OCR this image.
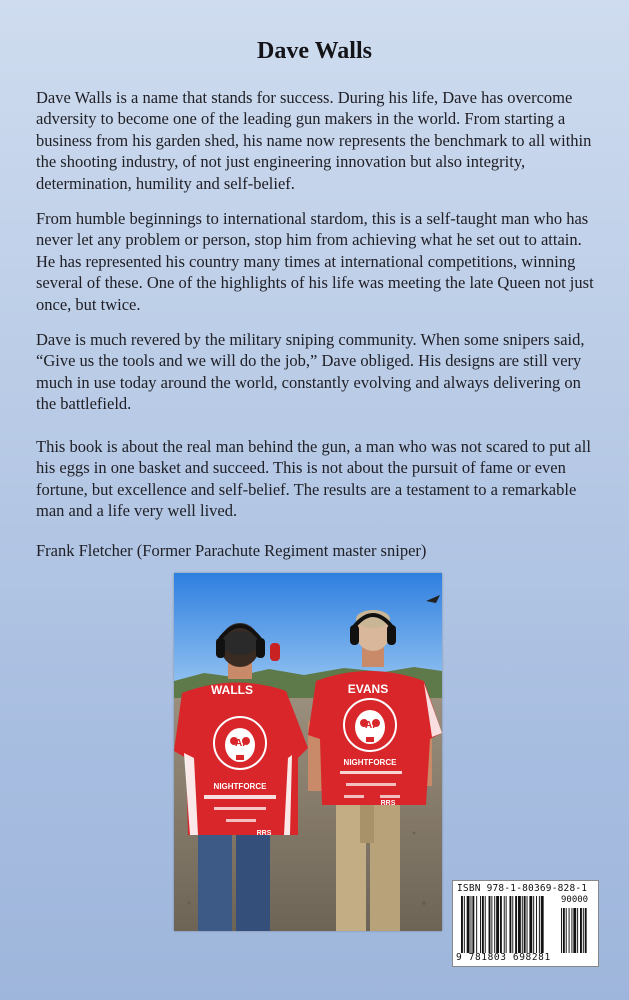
Dave Walls

Dave Walls is a name that stands for success. During his life, Dave has overcome adversity to become one of the leading gun makers in the world. From starting a business from his garden shed, his name now represents the benchmark to all within the shooting industry, of not just engineering innovation but also integrity, determination, humility and self-belief.

From humble beginnings to international stardom, this is a self-taught man who has never let any problem or person, stop him from achieving what he set out to attain. He has represented his country many times at international competitions, winning several of these. One of the highlights of his life was meeting the late Queen not just once, but twice.

Dave is much revered by the military sniping community. When some snipers said, “Give us the tools and we will do the job,” Dave obliged. His designs are still very much in use today around the world, constantly evolving and always delivering on the battlefield.

This book is about the real man behind the gun, a man who was not scared to put all his eggs in one basket and succeed. This is not about the pursuit of fame or even fortune, but excellence and self-belief. The results are a testament to a remarkable man and a life very well lived.

Frank Fletcher (Former Parachute Regiment master sniper)

WALLS
AI
NIGHTFORCE
RRS
EVANS
AI
NIGHTFORCE
RRS
ISBN 978-1-80369-828-1
90000
9 781803 698281
